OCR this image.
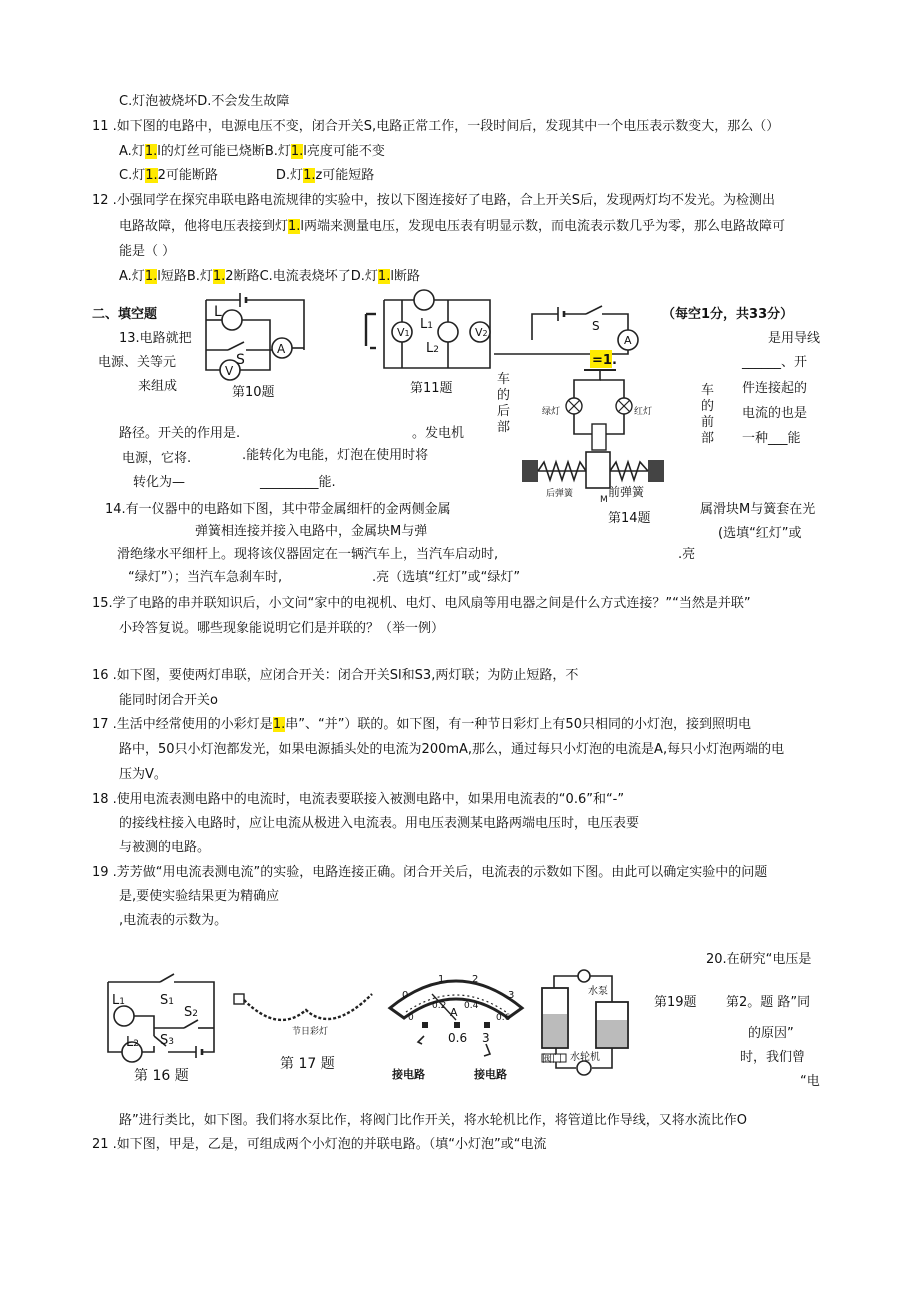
C.灯泡被烧坏D.不会发生故障
11 .如下图的电路中，电源电压不变，闭合开关S,电路正常工作，一段时间后，发现其中一个电压表示数变大，那么（）
A.灯1.l的灯丝可能已烧断B.灯1.l亮度可能不变
C.灯1.2可能断路	D.灯1.z可能短路
12 .小强同学在探究串联电路电流规律的实验中，按以下图连接好了电路，合上开关S后，发现两灯均不发光。为检测出
电路故障，他将电压表接到灯1.l两端来测量电压，发现电压表有明显示数，而电流表示数几乎为零，那么电路故障可
能是（ ）
A.灯1.l短路B.灯1.2断路C.电流表烧坏了D.灯1.l断路
二、填空题	（每空1分，共33分）
13.电路就把
电源、关等元
来组成
是用导线
______、开
件连接起的
电流的也是
一种___能
路径。开关的作用是.	。发电机
电源，它将.	.能转化为电能，灯泡在使用时将
转化为—	_________能.
14.有一仪器中的电路如下图，其中带金属细杆的金两侧金属	属滑块M与簧套在光
弹簧相连接并接入电路中，金属块M与弹	(选填“红灯”或
滑绝缘水平细杆上。现将该仪器固定在一辆汽车上，当汽车启动时,	.亮
“绿灯”）；当汽车急刹车时,	.亮（选填“红灯”或“绿灯”
15.学了电路的串并联知识后，小文问“家中的电视机、电灯、电风扇等用电器之间是什么方式连接？”“当然是并联”
小玲答复说。哪些现象能说明它们是并联的？（举一例）
16 .如下图，要使两灯串联，应闭合开关：闭合开关Sl和S3,两灯联；为防止短路，不
能同时闭合开关o
17 .生活中经常使用的小彩灯是1.串”、“并”）联的。如下图，有一种节日彩灯上有50只相同的小灯泡，接到照明电
路中，50只小灯泡都发光，如果电源插头处的电流为200mA,那么，通过每只小灯泡的电流是A,每只小灯泡两端的电
压为V。
18 .使用电流表测电路中的电流时，电流表要联接入被测电路中，如果用电流表的“0.6”和“-”
的接线柱接入电路时，应让电流从极进入电流表。用电压表测某电路两端电压时，电压表要
与被测的电路。
19 .芳芳做“用电流表测电流”的实验，电路连接正确。闭合开关后，电流表的示数如下图。由此可以确定实验中的问题
是,要使实验结果更为精确应
,电流表的示数为。
20.在研究“电压是
第19题 第2。题 路”同
的原因”
时，我们曾
“电
路”进行类比，如下图。我们将水泵比作，将阀门比作开关，将水轮机比作，将管道比作导线，又将水流比作O
21 .如下图，甲是，乙是，可组成两个小灯泡的并联电路。（填“小灯泡”或“电流
L
S
A
V
第10题
V1	V2
L1
L2
第11题
S
A
=1.
绿灯	红灯
后弹簧	前弹簧
M
第14题
车
的
后
部
车
的
前
部
L1	S1
S2
S3
L2
第 16 题
节日彩灯
第 17 题
0
1	2
3
0
0.2 0.4
0.6
A
0.6 3
接电路	接电路
水泵
阀门 水轮机
